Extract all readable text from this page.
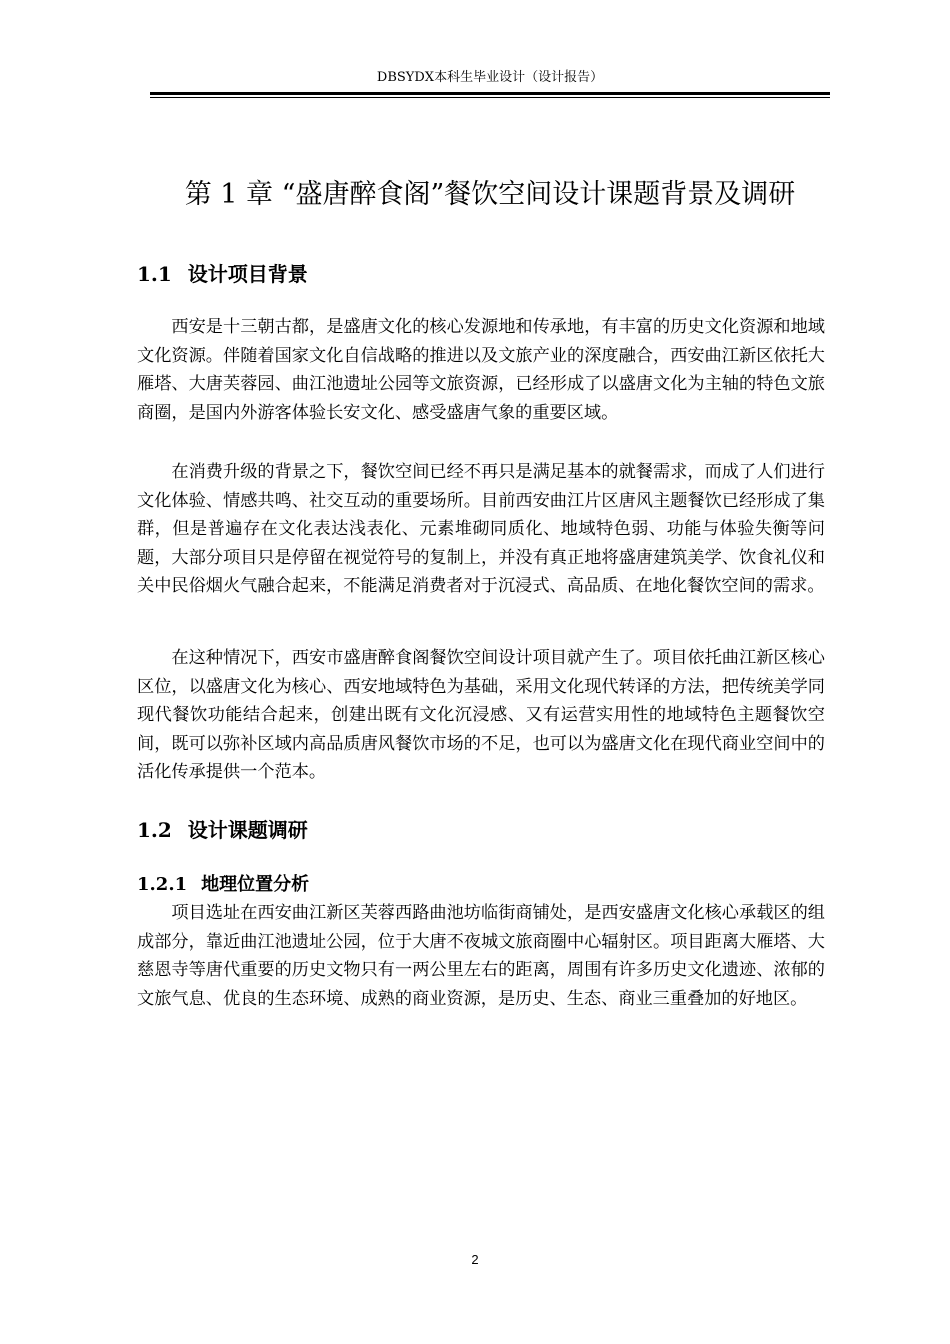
DBSYDX本科生毕业设计（设计报告）
第 1 章 “盛唐醉食阁”餐饮空间设计课题背景及调研
1.1 设计项目背景

西安是十三朝古都，是盛唐文化的核心发源地和传承地，有丰富的历史文化资源和地域文化资源。伴随着国家文化自信战略的推进以及文旅产业的深度融合，西安曲江新区依托大雁塔、大唐芙蓉园、曲江池遗址公园等文旅资源，已经形成了以盛唐文化为主轴的特色文旅商圈，是国内外游客体验长安文化、感受盛唐气象的重要区域。

在消费升级的背景之下，餐饮空间已经不再只是满足基本的就餐需求，而成了人们进行文化体验、情感共鸣、社交互动的重要场所。目前西安曲江片区唐风主题餐饮已经形成了集群，但是普遍存在文化表达浅表化、元素堆砌同质化、地域特色弱、功能与体验失衡等问题，大部分项目只是停留在视觉符号的复制上，并没有真正地将盛唐建筑美学、饮食礼仪和关中民俗烟火气融合起来，不能满足消费者对于沉浸式、高品质、在地化餐饮空间的需求。

在这种情况下，西安市盛唐醉食阁餐饮空间设计项目就产生了。项目依托曲江新区核心区位，以盛唐文化为核心、西安地域特色为基础，采用文化现代转译的方法，把传统美学同现代餐饮功能结合起来，创建出既有文化沉浸感、又有运营实用性的地域特色主题餐饮空间，既可以弥补区域内高品质唐风餐饮市场的不足，也可以为盛唐文化在现代商业空间中的活化传承提供一个范本。

1.2 设计课题调研
1.2.1 地理位置分析

项目选址在西安曲江新区芙蓉西路曲池坊临街商铺处，是西安盛唐文化核心承载区的组成部分，靠近曲江池遗址公园，位于大唐不夜城文旅商圈中心辐射区。项目距离大雁塔、大慈恩寺等唐代重要的历史文物只有一两公里左右的距离，周围有许多历史文化遗迹、浓郁的文旅气息、优良的生态环境、成熟的商业资源，是历史、生态、商业三重叠加的好地区。

2
